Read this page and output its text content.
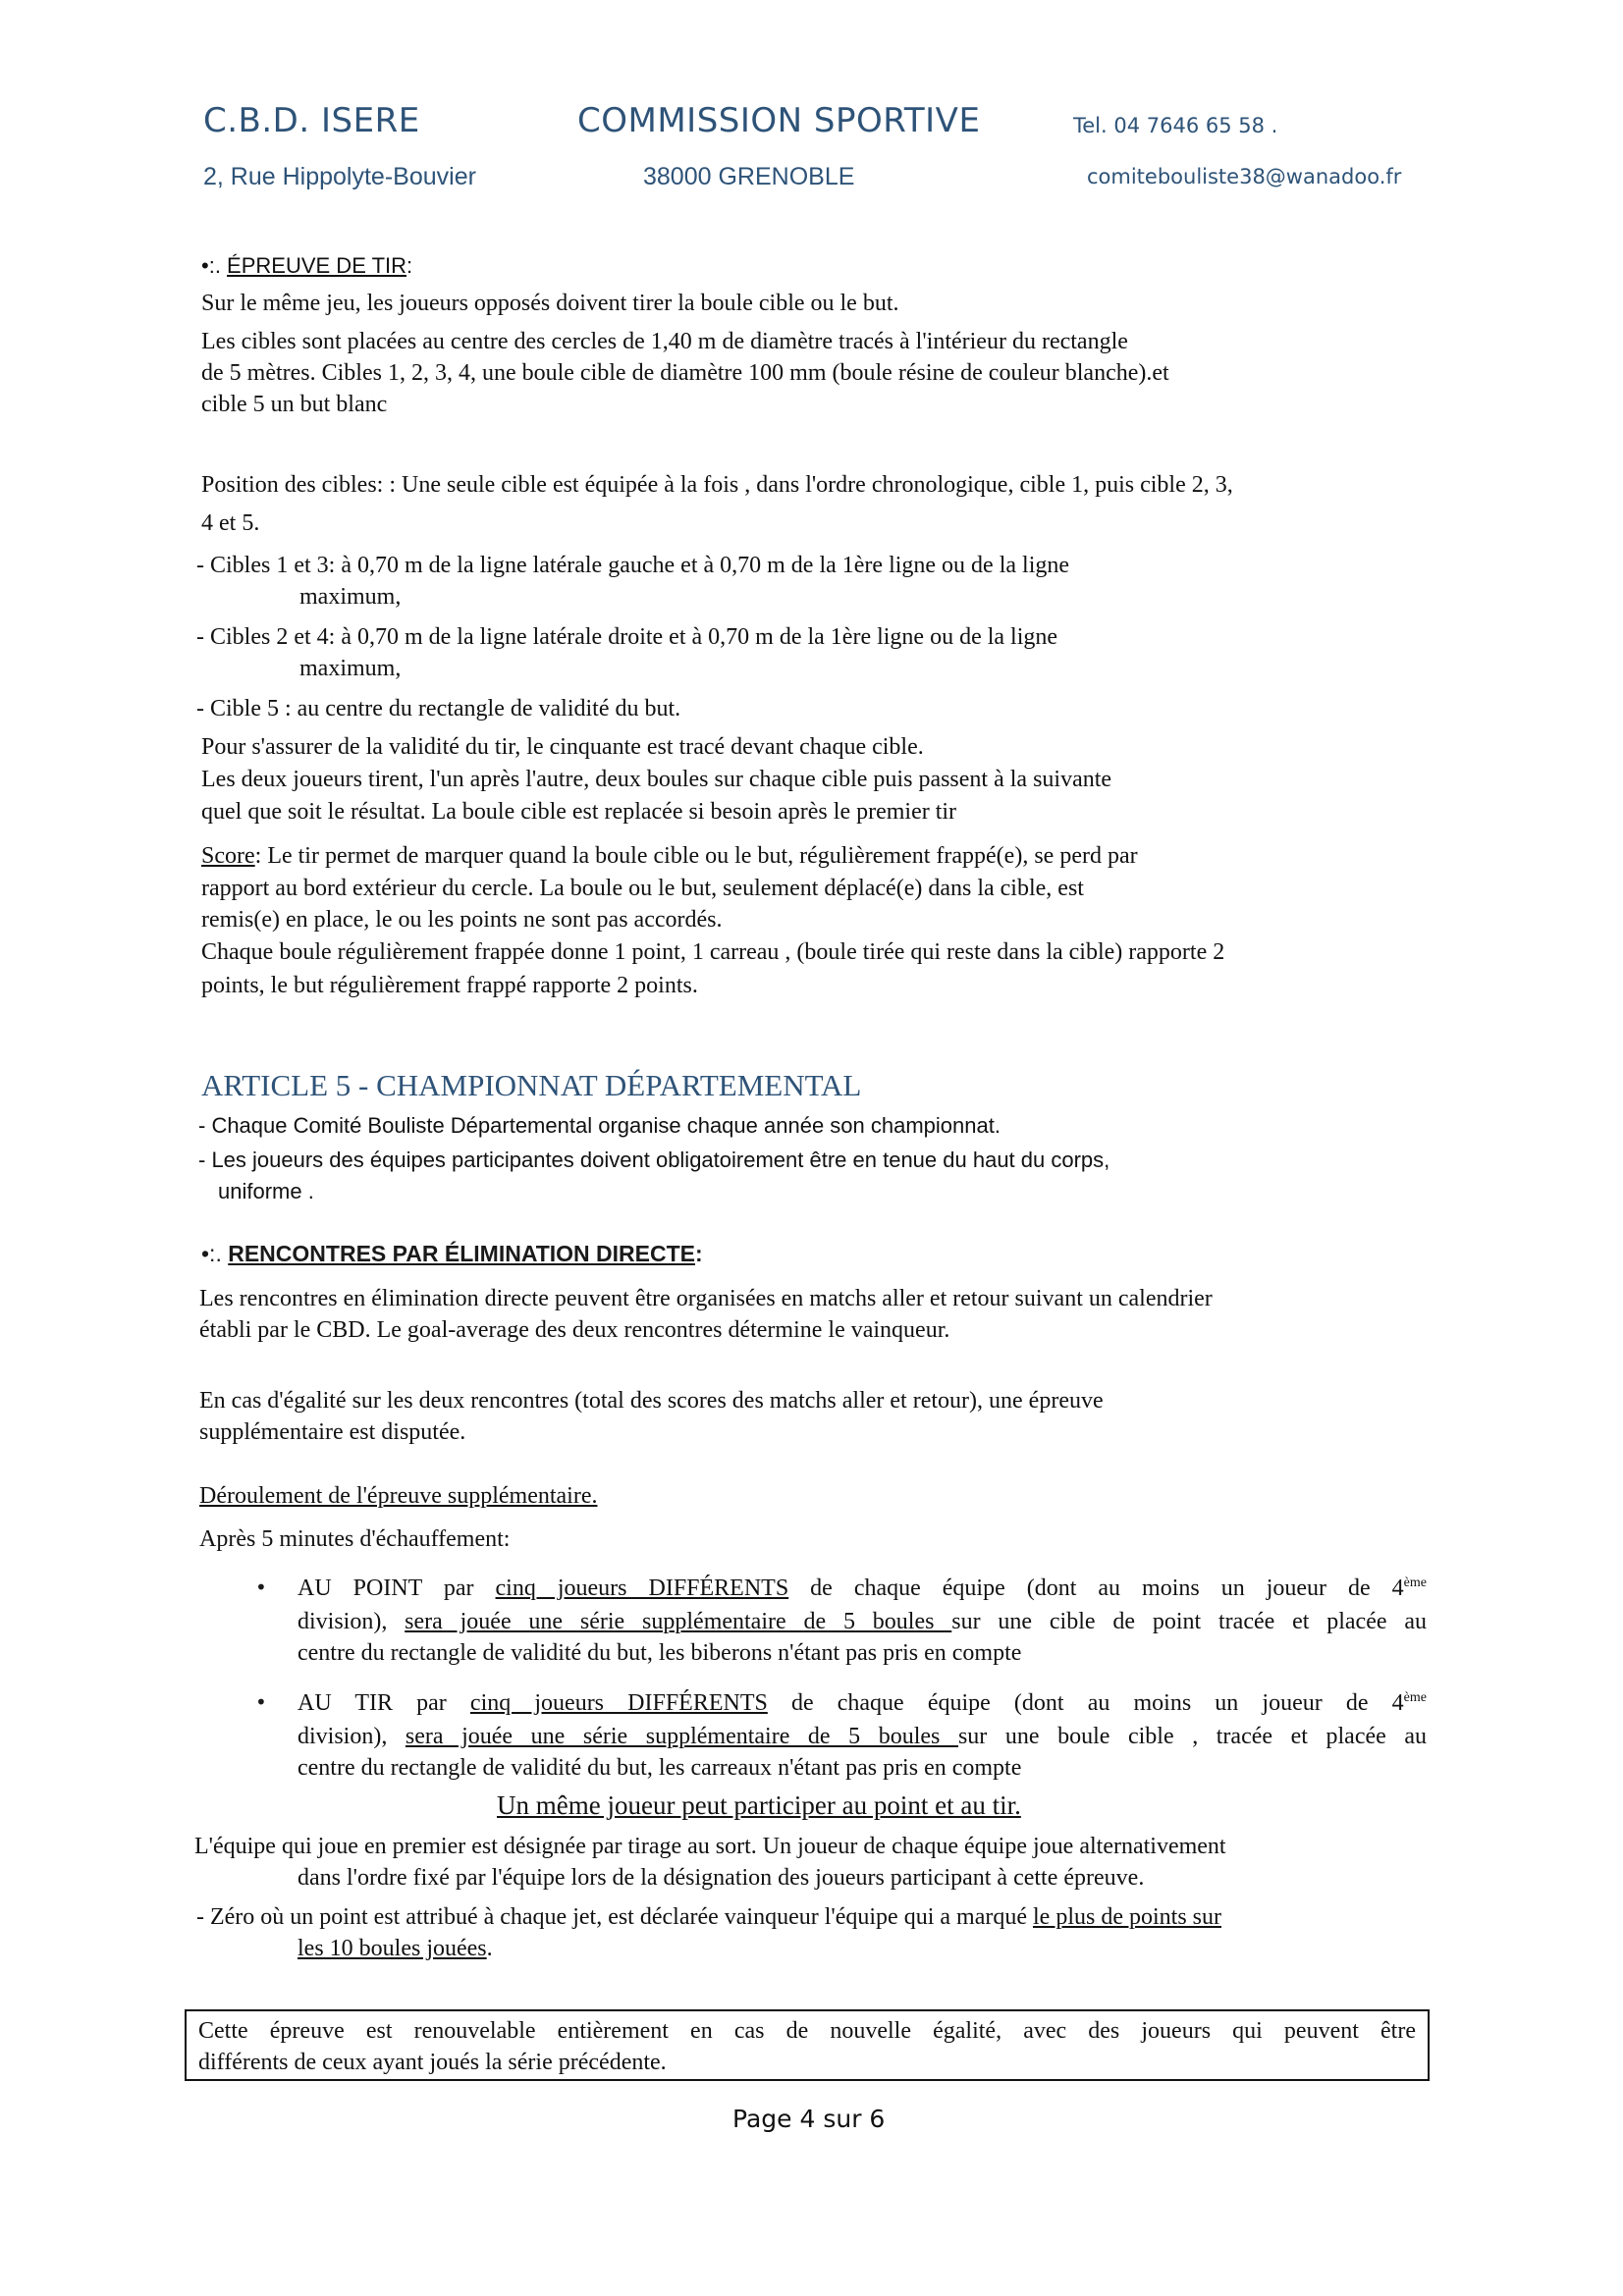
C.B.D. ISERE	COMMISSION SPORTIVE	Tel. 04 7646 65 58 .
2, Rue Hippolyte-Bouvier	38000 GRENOBLE	comitebouliste38@wanadoo.fr
•:. ÉPREUVE DE TIR:
Sur le même jeu, les joueurs opposés doivent tirer la boule cible ou le but.
Les cibles sont placées au centre des cercles de 1,40 m de diamètre tracés à l'intérieur du rectangle
de 5 mètres. Cibles 1, 2, 3, 4, une boule cible de diamètre 100 mm (boule résine de couleur blanche).et
cible 5 un but blanc
Position des cibles: : Une seule cible est équipée à la fois , dans l'ordre chronologique, cible 1, puis cible 2, 3,
4 et 5.
- Cibles 1 et 3: à 0,70 m de la ligne latérale gauche et à 0,70 m de la 1ère ligne ou de la ligne
maximum,
- Cibles 2 et 4: à 0,70 m de la ligne latérale droite et à 0,70 m de la 1ère ligne ou de la ligne
maximum,
- Cible 5 : au centre du rectangle de validité du but.
Pour s'assurer de la validité du tir, le cinquante est tracé devant chaque cible.
Les deux joueurs tirent, l'un après l'autre, deux boules sur chaque cible puis passent à la suivante
quel que soit le résultat. La boule cible est replacée si besoin après le premier tir
Score: Le tir permet de marquer quand la boule cible ou le but, régulièrement frappé(e), se perd par
rapport au bord extérieur du cercle. La boule ou le but, seulement déplacé(e) dans la cible, est
remis(e) en place, le ou les points ne sont pas accordés.
Chaque boule régulièrement frappée donne 1 point, 1 carreau , (boule tirée qui reste dans la cible) rapporte 2
points, le but régulièrement frappé rapporte 2 points.
ARTICLE 5 - CHAMPIONNAT DÉPARTEMENTAL
- Chaque Comité Bouliste Départemental organise chaque année son championnat.
- Les joueurs des équipes participantes doivent obligatoirement être en tenue du haut du corps,
uniforme .
•:. RENCONTRES PAR ÉLIMINATION DIRECTE:
Les rencontres en élimination directe peuvent être organisées en matchs aller et retour suivant un calendrier
établi par le CBD. Le goal-average des deux rencontres détermine le vainqueur.
En cas d'égalité sur les deux rencontres (total des scores des matchs aller et retour), une épreuve
supplémentaire est disputée.
Déroulement de l'épreuve supplémentaire.
Après 5 minutes d'échauffement:
• AU POINT par cinq joueurs DIFFÉRENTS de chaque équipe (dont au moins un joueur de 4ème
division), sera jouée une série supplémentaire de 5 boules sur une cible de point tracée et placée au
centre du rectangle de validité du but, les biberons n'étant pas pris en compte
• AU TIR par cinq joueurs DIFFÉRENTS de chaque équipe (dont au moins un joueur de 4ème
division), sera jouée une série supplémentaire de 5 boules sur une boule cible , tracée et placée au
centre du rectangle de validité du but, les carreaux n'étant pas pris en compte
Un même joueur peut participer au point et au tir.
L'équipe qui joue en premier est désignée par tirage au sort. Un joueur de chaque équipe joue alternativement
dans l'ordre fixé par l'équipe lors de la désignation des joueurs participant à cette épreuve.
- Zéro où un point est attribué à chaque jet, est déclarée vainqueur l'équipe qui a marqué le plus de points sur
les 10 boules jouées.
Cette épreuve est renouvelable entièrement en cas de nouvelle égalité, avec des joueurs qui peuvent être
différents de ceux ayant joués la série précédente.
Page 4 sur 6
